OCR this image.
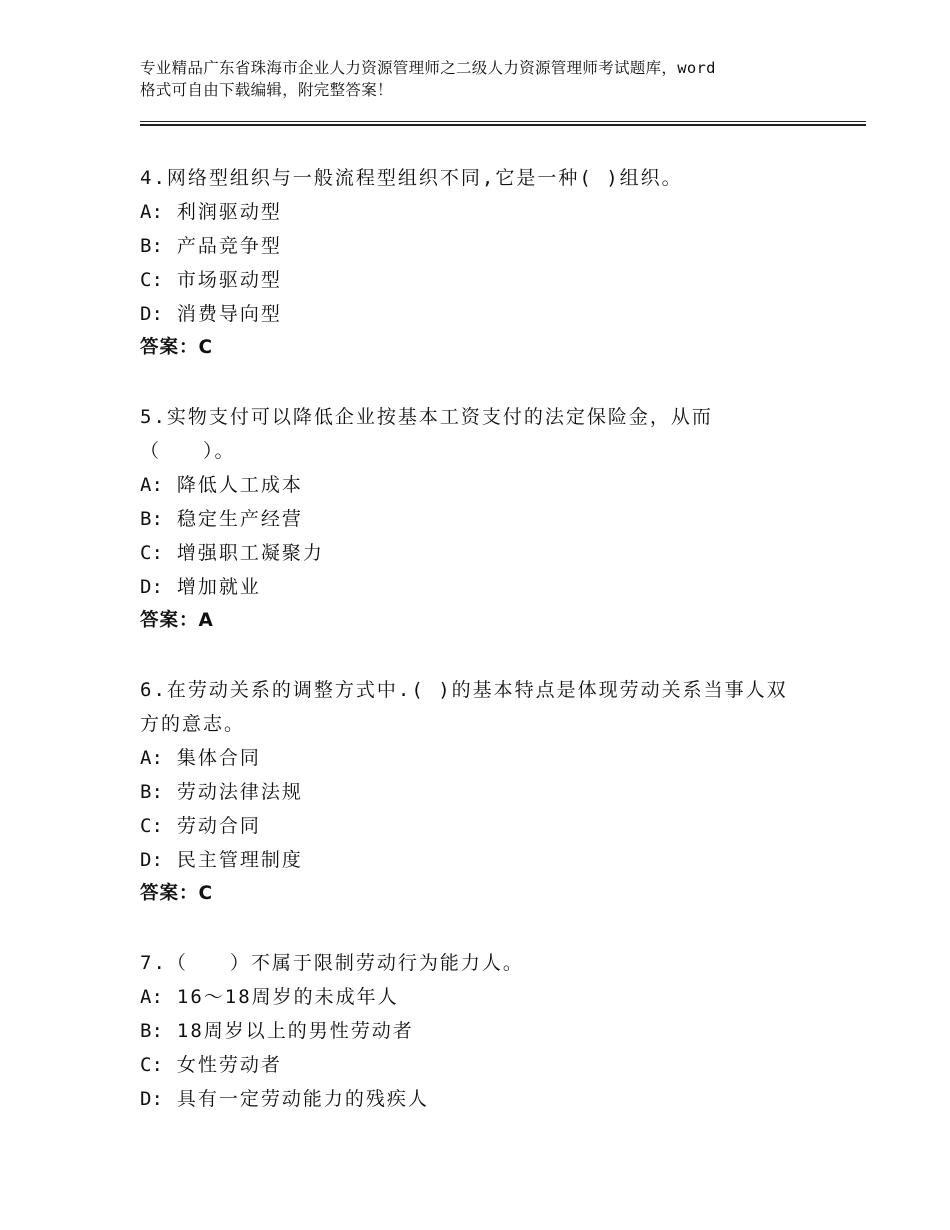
专业精品广东省珠海市企业人力资源管理师之二级人力资源管理师考试题库，word
格式可自由下载编辑，附完整答案！
4.网络型组织与一般流程型组织不同,它是一种( )组织。
A: 利润驱动型
B: 产品竞争型
C: 市场驱动型
D: 消费导向型
答案：C
5.实物支付可以降低企业按基本工资支付的法定保险金，从而
（　　）。
A: 降低人工成本
B: 稳定生产经营
C: 增强职工凝聚力
D: 增加就业
答案：A
6.在劳动关系的调整方式中.( )的基本特点是体现劳动关系当事人双
方的意志。
A: 集体合同
B: 劳动法律法规
C: 劳动合同
D: 民主管理制度
答案：C
7.（　　）不属于限制劳动行为能力人。
A: 16～18周岁的未成年人
B: 18周岁以上的男性劳动者
C: 女性劳动者
D: 具有一定劳动能力的残疾人
